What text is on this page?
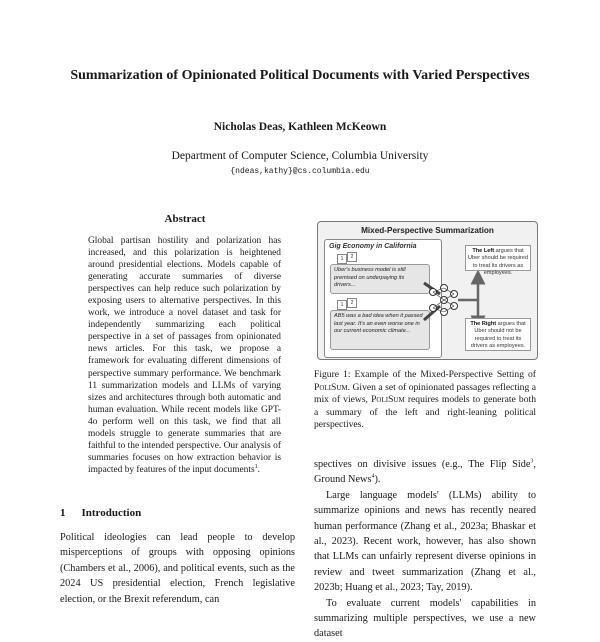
Summarization of Opinionated Political Documents with Varied Perspectives
Nicholas Deas, Kathleen McKeown
Department of Computer Science, Columbia University
{ndeas,kathy}@cs.columbia.edu
Abstract
Global partisan hostility and polarization has increased, and this polarization is heightened around presidential elections. Models capable of generating accurate summaries of diverse perspectives can help reduce such polarization by exposing users to alternative perspectives. In this work, we introduce a novel dataset and task for independently summarizing each political perspective in a set of passages from opinionated news articles. For this task, we propose a framework for evaluating different dimensions of perspective summary performance. We benchmark 11 summarization models and LLMs of varying sizes and architectures through both automatic and human evaluation. While recent models like GPT-4o perform well on this task, we find that all models struggle to generate summaries that are faithful to the intended perspective. Our analysis of summaries focuses on how extraction behavior is impacted by features of the input documents$^1$.
1 Introduction
Political ideologies can lead people to develop misperceptions of groups with opposing opinions (Chambers et al., 2006), and political events, such as the 2024 US presidential election, French legislative election, or the Brexit referendum, can
Mixed-Perspective Summarization
Gig Economy in California
1	2
Uber's business model is still premised on underpaying its drivers...
1	2
AB5 was a bad idea when it passed last year. It's an even worse one in our current economic climate...
The Left argues that Uber should be required to treat its drivers as employees.
The Right argues that Uber should not be required to treat its drivers as employees.
Figure 1: Example of the Mixed-Perspective Setting of PoliSum. Given a set of opinionated passages reflecting a mix of views, PoliSum requires models to generate both a summary of the left and right-leaning political perspectives.

spectives on divisive issues (e.g., The Flip Side$^3$, Ground News$^4$).

Large language models' (LLMs) ability to summarize opinions and news has recently neared human performance (Zhang et al., 2023a; Bhaskar et al., 2023). Recent work, however, has also shown that LLMs can unfairly represent diverse opinions in review and tweet summarization (Zhang et al., 2023b; Huang et al., 2023; Tay, 2019).

To evaluate current models' capabilities in summarizing multiple perspectives, we use a new dataset
